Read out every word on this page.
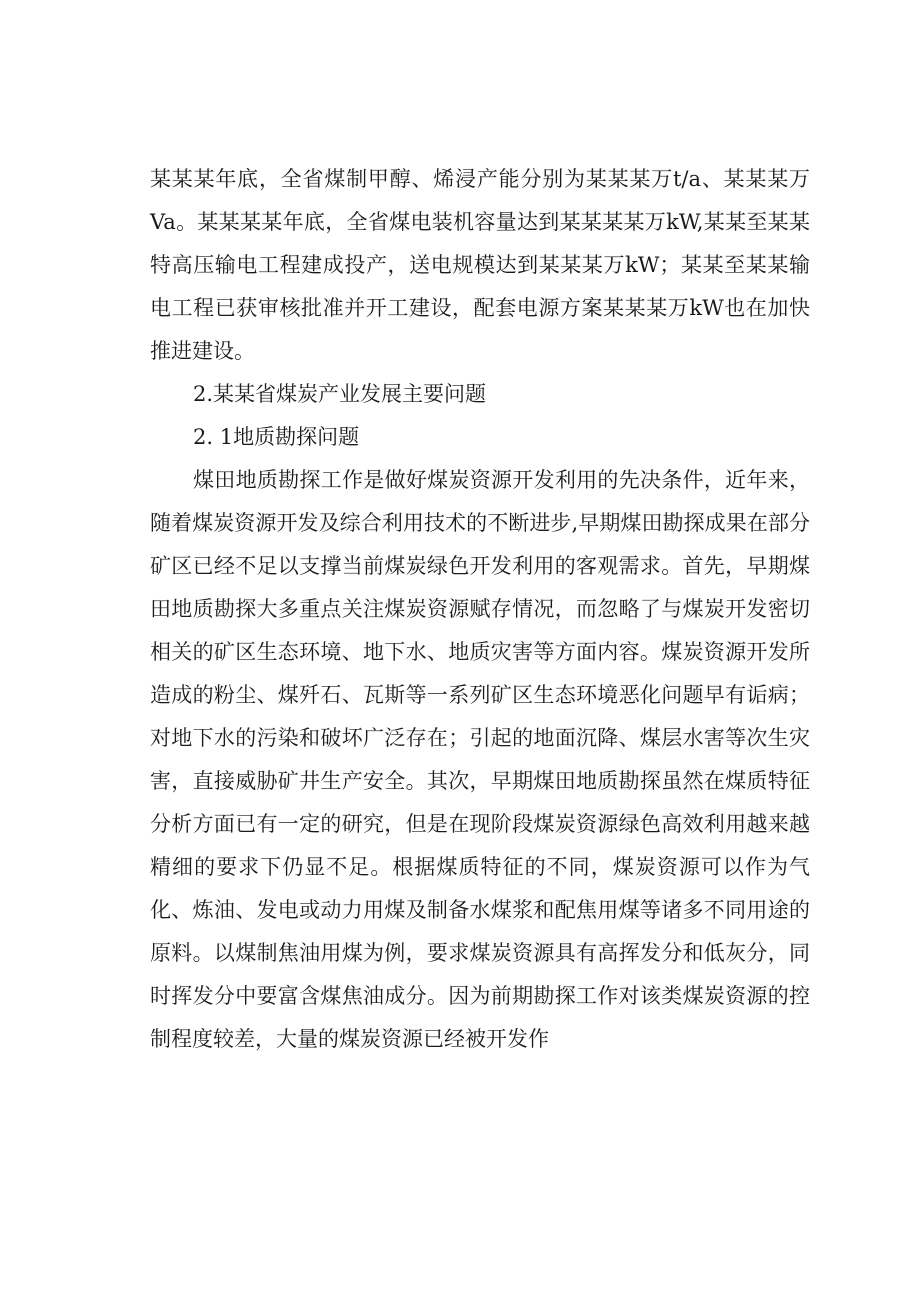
某某某年底，全省煤制甲醇、烯浸产能分别为某某某万t/a、某某某万Va。某某某某年底，全省煤电装机容量达到某某某某万kW,某某至某某特高压输电工程建成投产，送电规模达到某某某万kW；某某至某某输电工程已获审核批准并开工建设，配套电源方案某某某万kW也在加快推进建设。

2.某某省煤炭产业发展主要问题

2. 1地质勘探问题

煤田地质勘探工作是做好煤炭资源开发利用的先决条件，近年来，随着煤炭资源开发及综合利用技术的不断进步,早期煤田勘探成果在部分矿区已经不足以支撑当前煤炭绿色开发利用的客观需求。首先，早期煤田地质勘探大多重点关注煤炭资源赋存情况，而忽略了与煤炭开发密切相关的矿区生态环境、地下水、地质灾害等方面内容。煤炭资源开发所造成的粉尘、煤歼石、瓦斯等一系列矿区生态环境恶化问题早有诟病；对地下水的污染和破坏广泛存在；引起的地面沉降、煤层水害等次生灾害，直接威胁矿井生产安全。其次，早期煤田地质勘探虽然在煤质特征分析方面已有一定的研究，但是在现阶段煤炭资源绿色高效利用越来越精细的要求下仍显不足。根据煤质特征的不同，煤炭资源可以作为气化、炼油、发电或动力用煤及制备水煤浆和配焦用煤等诸多不同用途的原料。以煤制焦油用煤为例，要求煤炭资源具有高挥发分和低灰分，同时挥发分中要富含煤焦油成分。因为前期勘探工作对该类煤炭资源的控制程度较差，大量的煤炭资源已经被开发作
